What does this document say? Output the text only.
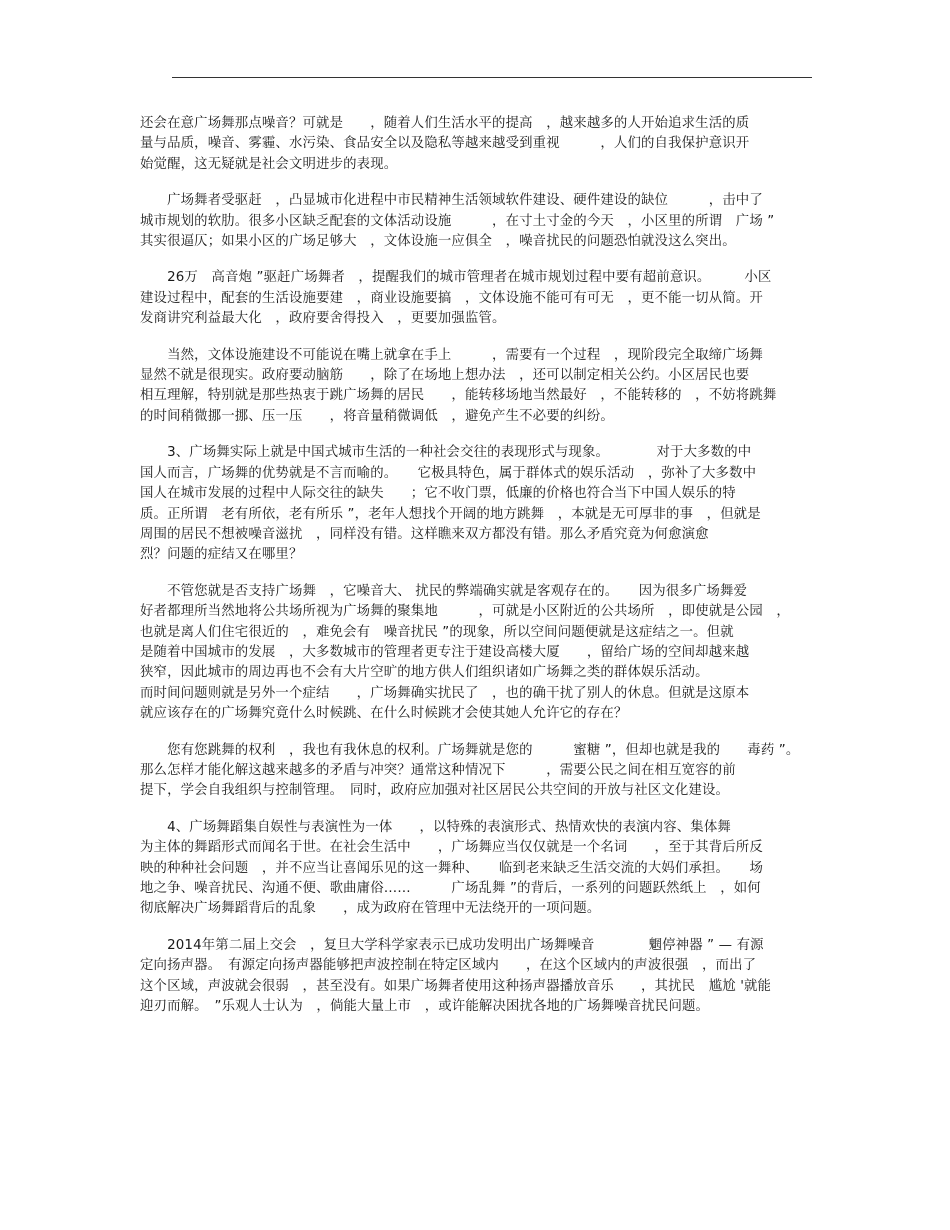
还会在意广场舞那点噪音？可就是　　，随着人们生活水平的提高　，越来越多的人开始追求生活的质
量与品质，噪音、雾霾、水污染、食品安全以及隐私等越来越受到重视　　　，人们的自我保护意识开
始觉醒，这无疑就是社会文明进步的表现。
　　广场舞者受驱赶　，凸显城市化进程中市民精神生活领域软件建设、硬件建设的缺位　　　，击中了
城市规划的软肋。很多小区缺乏配套的文体活动设施　　　，在寸土寸金的今天　，小区里的所谓　广场 ”
其实很逼仄；如果小区的广场足够大　，文体设施一应俱全　，噪音扰民的问题恐怕就没这么突出。
　　26万　高音炮 ”驱赶广场舞者　，提醒我们的城市管理者在城市规划过程中要有超前意识。　　　小区
建设过程中，配套的生活设施要建　，商业设施要搞　，文体设施不能可有可无　，更不能一切从简。开
发商讲究利益最大化　，政府要舍得投入　，更要加强监管。
　　当然，文体设施建设不可能说在嘴上就拿在手上　　　，需要有一个过程　，现阶段完全取缔广场舞
显然不就是很现实。政府要动脑筋　　，除了在场地上想办法　，还可以制定相关公约。小区居民也要
相互理解，特别就是那些热衷于跳广场舞的居民　　，能转移场地当然最好　，不能转移的　，不妨将跳舞
的时间稍微挪一挪、压一压　　，将音量稍微调低　，避免产生不必要的纠纷。
　　3、广场舞实际上就是中国式城市生活的一种社会交往的表现形式与现象。　　　　对于大多数的中
国人而言，广场舞的优势就是不言而喻的。　　它极具特色，属于群体式的娱乐活动　，弥补了大多数中
国人在城市发展的过程中人际交往的缺失　　；它不收门票，低廉的价格也符合当下中国人娱乐的特
质。正所谓　老有所依，老有所乐 ”，老年人想找个开阔的地方跳舞　，本就是无可厚非的事　，但就是
周围的居民不想被噪音滋扰　，同样没有错。这样瞧来双方都没有错。那么矛盾究竟为何愈演愈
烈？问题的症结又在哪里？
　　不管您就是否支持广场舞　，它噪音大、 扰民的弊端确实就是客观存在的。　　因为很多广场舞爱
好者都理所当然地将公共场所视为广场舞的聚集地　　　，可就是小区附近的公共场所　，即使就是公园　，
也就是离人们住宅很近的　，难免会有　噪音扰民 ”的现象，所以空间问题便就是这症结之一。但就
是随着中国城市的发展　，大多数城市的管理者更专注于建设高楼大厦　　，留给广场的空间却越来越
狭窄，因此城市的周边再也不会有大片空旷的地方供人们组织诸如广场舞之类的群体娱乐活动。
而时间问题则就是另外一个症结　　，广场舞确实扰民了　，也的确干扰了别人的休息。但就是这原本
就应该存在的广场舞究竟什么时候跳、在什么时候跳才会使其她人允许它的存在？
　　您有您跳舞的权利　，我也有我休息的权利。广场舞就是您的　　　蜜糖 ”，但却也就是我的　　毒药 ”。
那么怎样才能化解这越来越多的矛盾与冲突？通常这种情况下　　　，需要公民之间在相互宽容的前
提下，学会自我组织与控制管理。　同时，政府应加强对社区居民公共空间的开放与社区文化建设。
　　4、广场舞蹈集自娱性与表演性为一体　　，以特殊的表演形式、热情欢快的表演内容、集体舞
为主体的舞蹈形式而闻名于世。在社会生活中　　，广场舞应当仅仅就是一个名词　　，至于其背后所反
映的种种社会问题　，并不应当让喜闻乐见的这一舞种、　　临到老来缺乏生活交流的大妈们承担。　　场
地之争、噪音扰民、沟通不便、歌曲庸俗……　　　广场乱舞 ”的背后，一系列的问题跃然纸上　，如何
彻底解决广场舞蹈背后的乱象　　，成为政府在管理中无法绕开的一项问题。
　　2014年第二届上交会　，复旦大学科学家表示已成功发明出广场舞噪音　　　　魍停神器 ” — 有源
定向扬声器。　有源定向扬声器能够把声波控制在特定区域内　　，在这个区域内的声波很强　，而出了
这个区域，声波就会很弱　，甚至没有。如果广场舞者使用这种扬声器播放音乐　　，其扰民　尴尬 '就能
迎刃而解。　”乐观人士认为　，倘能大量上市　，或许能解决困扰各地的广场舞噪音扰民问题。
